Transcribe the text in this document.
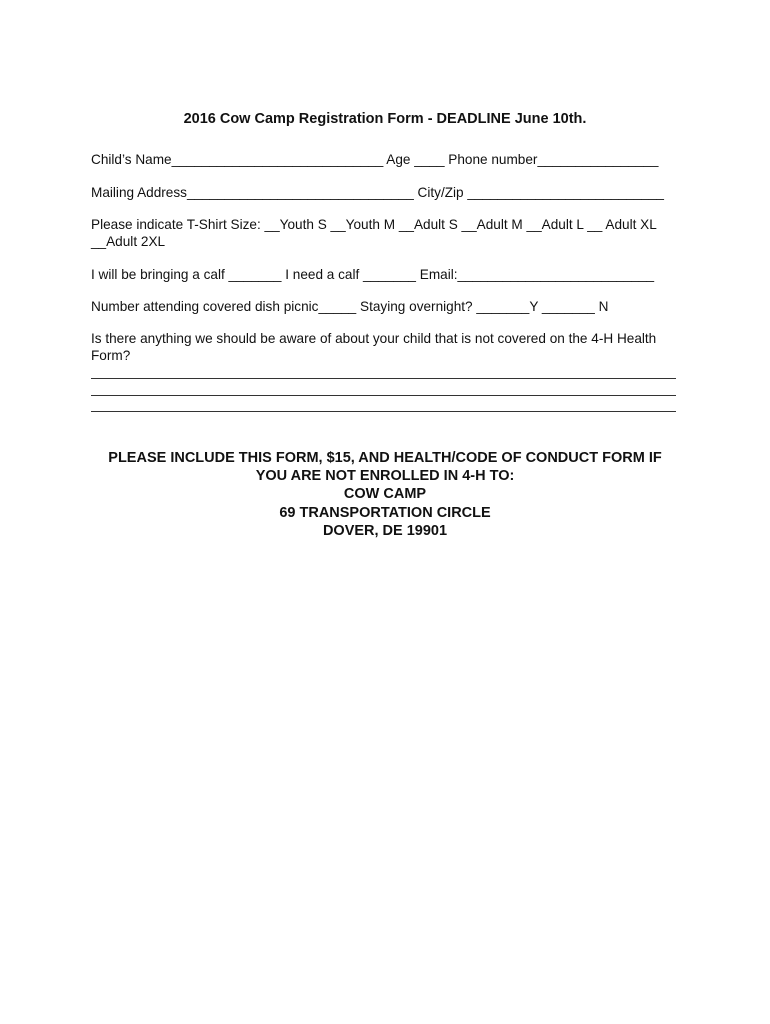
2016 Cow Camp Registration Form - DEADLINE June 10th.
Child’s Name____________________________ Age ____ Phone number________________
Mailing Address______________________________ City/Zip __________________________
Please indicate T-Shirt Size: __Youth S __Youth M __Adult S __Adult M __Adult L __ Adult XL __Adult 2XL
I will be bringing a calf _______ I need a calf _______ Email:__________________________
Number attending covered dish picnic_____ Staying overnight? _______Y _______ N
Is there anything we should be aware of about your child that is not covered on the 4-H Health Form?
PLEASE INCLUDE THIS FORM, $15, AND HEALTH/CODE OF CONDUCT FORM IF
YOU ARE NOT ENROLLED IN 4-H TO:
COW CAMP
69 TRANSPORTATION CIRCLE
DOVER, DE 19901
